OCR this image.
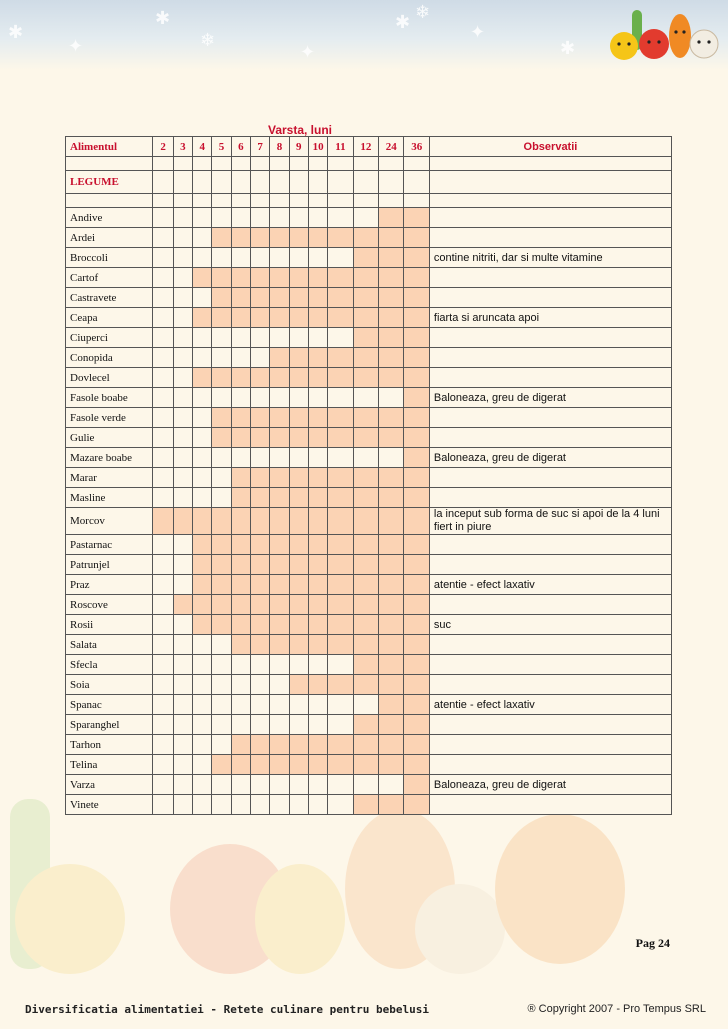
✱
✦
✱
❄
✦
✱ ❄
✦
✱
Varsta, luni
Alimentul	2	3	4	5	6	7	8	9	10	11	12	24	36	Observatii

LEGUME														

Andive														
Ardei														
Broccoli														contine nitriti, dar si multe vitamine
Cartof														
Castravete														
Ceapa														fiarta si aruncata apoi
Ciuperci														
Conopida														
Dovlecel														
Fasole boabe														Baloneaza, greu de digerat
Fasole verde														
Gulie														
Mazare boabe														Baloneaza, greu de digerat
Marar														
Masline														
Morcov														la inceput sub forma de suc si apoi de la 4 luni fiert in piure
Pastarnac														
Patrunjel														
Praz														atentie - efect laxativ
Roscove														
Rosii														suc
Salata														
Sfecla														
Soia														
Spanac														atentie - efect laxativ
Sparanghel														
Tarhon														
Telina														
Varza														Baloneaza, greu de digerat
Vinete														
Pag 24
Diversificatia alimentatiei - Retete culinare pentru bebelusi	® Copyright 2007 - Pro Tempus SRL
